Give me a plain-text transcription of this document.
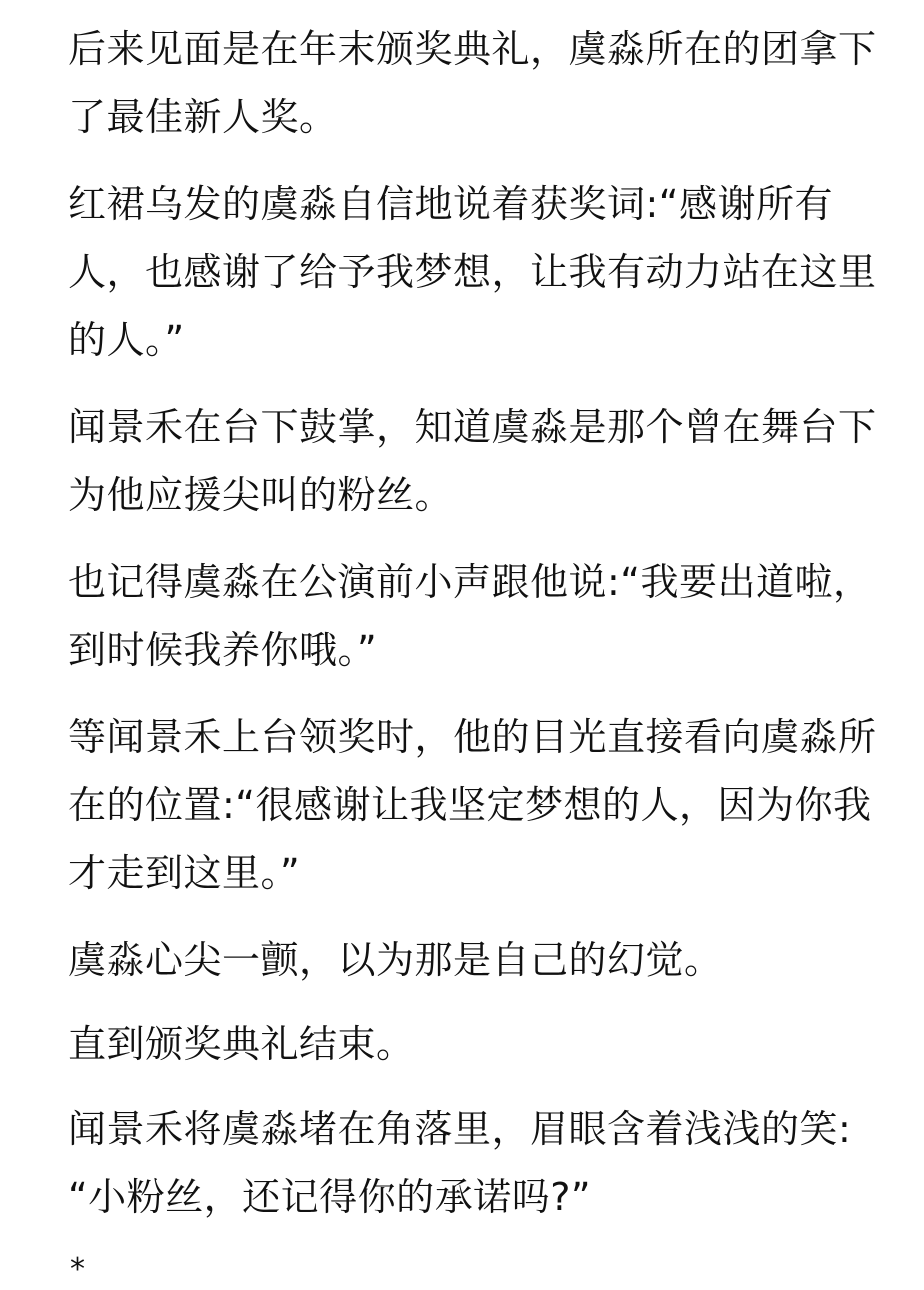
后来见面是在年末颁奖典礼，虞淼所在的团拿下
了最佳新人奖。

红裙乌发的虞淼自信地说着获奖词:“感谢所有
人，也感谢了给予我梦想，让我有动力站在这里
的人。”

闻景禾在台下鼓掌，知道虞淼是那个曾在舞台下
为他应援尖叫的粉丝。

也记得虞淼在公演前小声跟他说:“我要出道啦，
到时候我养你哦。”

等闻景禾上台领奖时，他的目光直接看向虞淼所
在的位置:“很感谢让我坚定梦想的人，因为你我
才走到这里。”

虞淼心尖一颤，以为那是自己的幻觉。

直到颁奖典礼结束。

闻景禾将虞淼堵在角落里，眉眼含着浅浅的笑:
“小粉丝，还记得你的承诺吗?”

*
